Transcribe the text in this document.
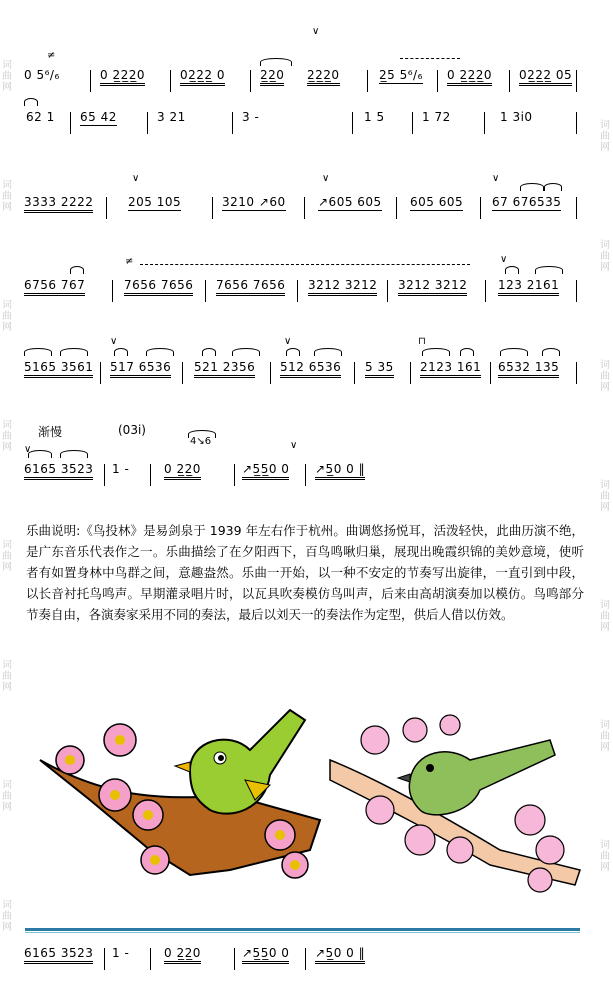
词曲网
词曲网
词曲网
词曲网
词曲网
词曲网
词曲网
词曲网
词曲网
词曲网
词曲网
词曲网
词曲网
词曲网
词曲网
≠
∨
0 5⁶/₆	0 2̲2̲2̲0	02̲2̲2̲ 0	2̲2̲0 2̲2̲2̲0	2̲5 5⁶/₆ 0 2̲2̲2̲0 02̲2̲2̲ 05
62 1 65 42	3 21	3 -	1 5	1 72	1 3i0
∨	∨	∨
3333 2222	205 105	3210 ↗60	↗605 605 605 605 67 676535
≠	∨
6756 767	7656 7656 7656 7656 3212 3212 3212 3212	123 2161
∨	∨	⊓
5165 3561 517 6536 521 2356 512 6536 5 35 2123 161 6532 135
渐慢	(03i)
∨
4↘6	∨
6165 3523 1 -	0 2̲2̲0	↗5̲5̲0 0 ↗5̲0 0 ‖
乐曲说明:《鸟投林》是易剑泉于 1939 年左右作于杭州。曲调悠扬悦耳，活泼轻快，此曲历演不绝，是广东音乐代表作之一。乐曲描绘了在夕阳西下，百鸟鸣啾归巢，展现出晚霞织锦的美妙意境，使听者有如置身林中鸟群之间，意趣盎然。乐曲一开始，以一种不安定的节奏写出旋律，一直引到中段，以长音衬托鸟鸣声。早期灌录唱片时，以瓦具吹奏模仿鸟叫声，后来由高胡演奏加以模仿。鸟鸣部分节奏自由，各演奏家采用不同的奏法，最后以刘天一的奏法作为定型，供后人借以仿效。
6165 3523 1 -	0 2̲2̲0	↗5̲5̲0 0 ↗5̲0 0 ‖
